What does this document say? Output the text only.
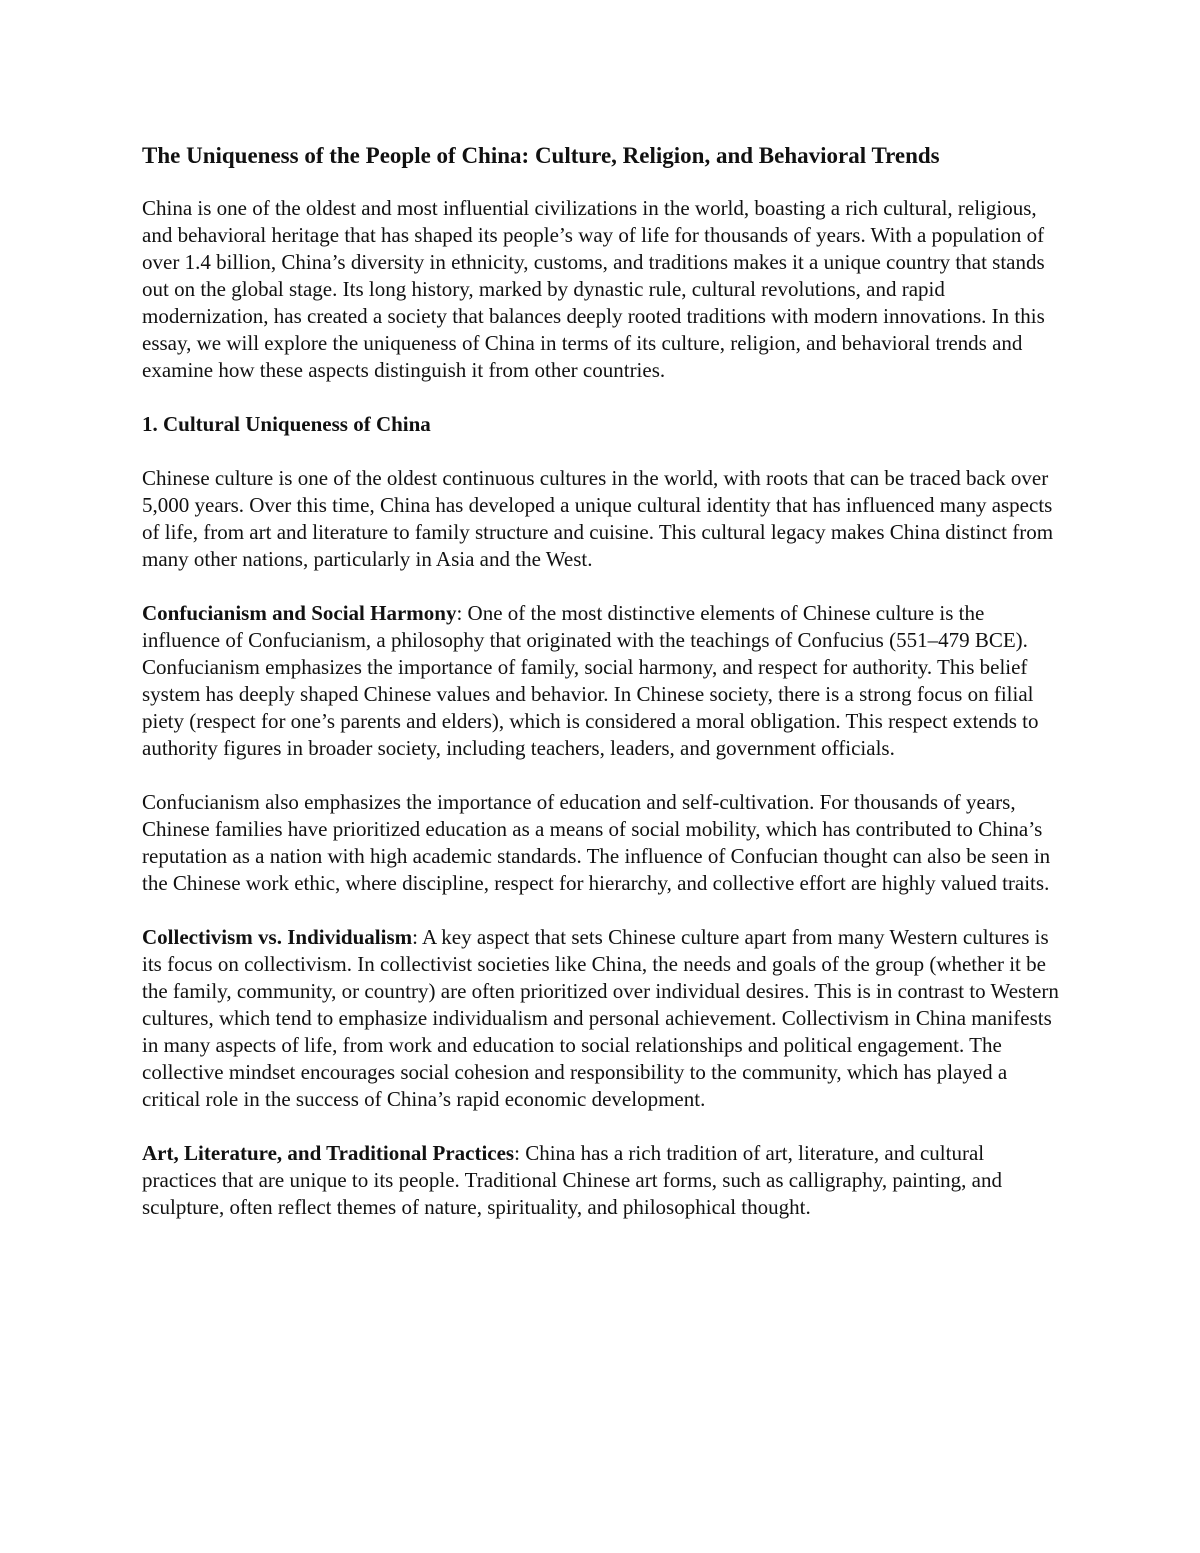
The Uniqueness of the People of China: Culture, Religion, and Behavioral Trends

China is one of the oldest and most influential civilizations in the world, boasting a rich cultural, religious, and behavioral heritage that has shaped its people’s way of life for thousands of years. With a population of over 1.4 billion, China’s diversity in ethnicity, customs, and traditions makes it a unique country that stands out on the global stage. Its long history, marked by dynastic rule, cultural revolutions, and rapid modernization, has created a society that balances deeply rooted traditions with modern innovations. In this essay, we will explore the uniqueness of China in terms of its culture, religion, and behavioral trends and examine how these aspects distinguish it from other countries.

1. Cultural Uniqueness of China

Chinese culture is one of the oldest continuous cultures in the world, with roots that can be traced back over 5,000 years. Over this time, China has developed a unique cultural identity that has influenced many aspects of life, from art and literature to family structure and cuisine. This cultural legacy makes China distinct from many other nations, particularly in Asia and the West.

Confucianism and Social Harmony: One of the most distinctive elements of Chinese culture is the influence of Confucianism, a philosophy that originated with the teachings of Confucius (551–479 BCE). Confucianism emphasizes the importance of family, social harmony, and respect for authority. This belief system has deeply shaped Chinese values and behavior. In Chinese society, there is a strong focus on filial piety (respect for one’s parents and elders), which is considered a moral obligation. This respect extends to authority figures in broader society, including teachers, leaders, and government officials.

Confucianism also emphasizes the importance of education and self-cultivation. For thousands of years, Chinese families have prioritized education as a means of social mobility, which has contributed to China’s reputation as a nation with high academic standards. The influence of Confucian thought can also be seen in the Chinese work ethic, where discipline, respect for hierarchy, and collective effort are highly valued traits.

Collectivism vs. Individualism: A key aspect that sets Chinese culture apart from many Western cultures is its focus on collectivism. In collectivist societies like China, the needs and goals of the group (whether it be the family, community, or country) are often prioritized over individual desires. This is in contrast to Western cultures, which tend to emphasize individualism and personal achievement. Collectivism in China manifests in many aspects of life, from work and education to social relationships and political engagement. The collective mindset encourages social cohesion and responsibility to the community, which has played a critical role in the success of China’s rapid economic development.

Art, Literature, and Traditional Practices: China has a rich tradition of art, literature, and cultural practices that are unique to its people. Traditional Chinese art forms, such as calligraphy, painting, and sculpture, often reflect themes of nature, spirituality, and philosophical thought.
